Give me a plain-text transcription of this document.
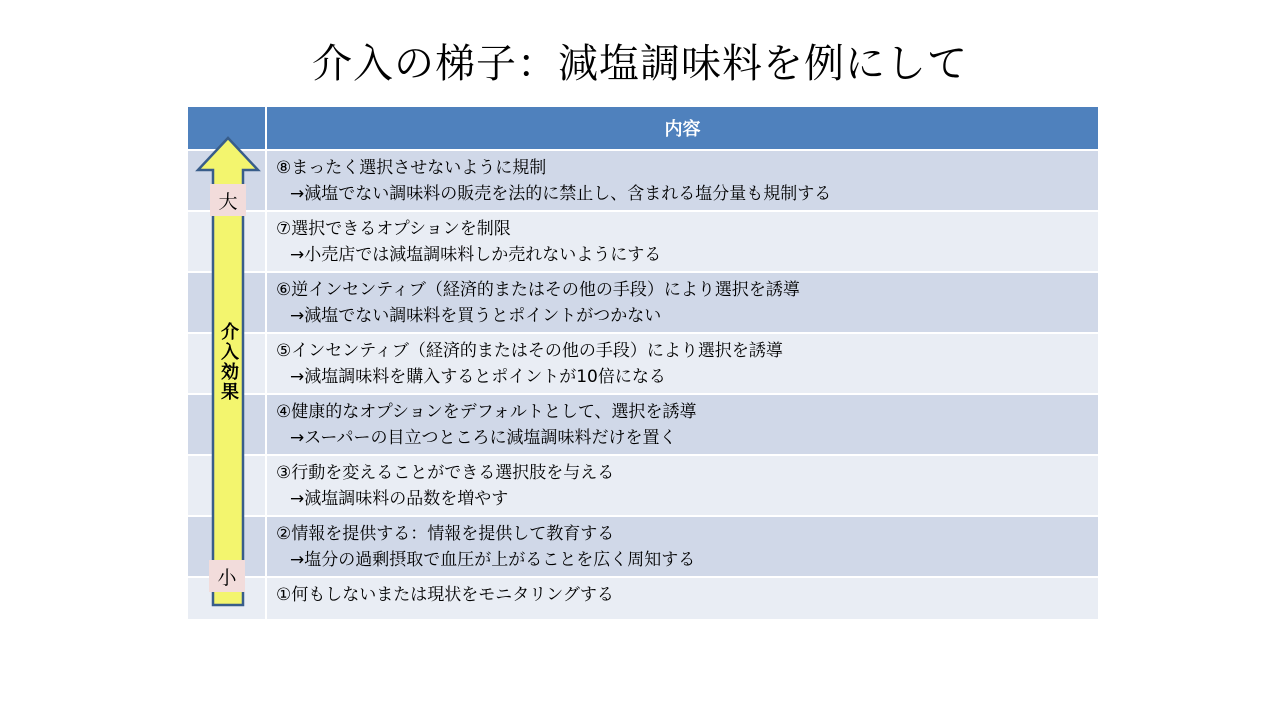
介入の梯子：減塩調味料を例にして
内容
⑧まったく選択させないように規制
→減塩でない調味料の販売を法的に禁止し、含まれる塩分量も規制する
⑦選択できるオプションを制限
→小売店では減塩調味料しか売れないようにする
⑥逆インセンティブ（経済的またはその他の手段）により選択を誘導
→減塩でない調味料を買うとポイントがつかない
⑤インセンティブ（経済的またはその他の手段）により選択を誘導
→減塩調味料を購入するとポイントが10倍になる
④健康的なオプションをデフォルトとして、選択を誘導
→スーパーの目立つところに減塩調味料だけを置く
③行動を変えることができる選択肢を与える
→減塩調味料の品数を増やす
②情報を提供する：情報を提供して教育する
→塩分の過剰摂取で血圧が上がることを広く周知する
①何もしないまたは現状をモニタリングする
大
介入効果
小
